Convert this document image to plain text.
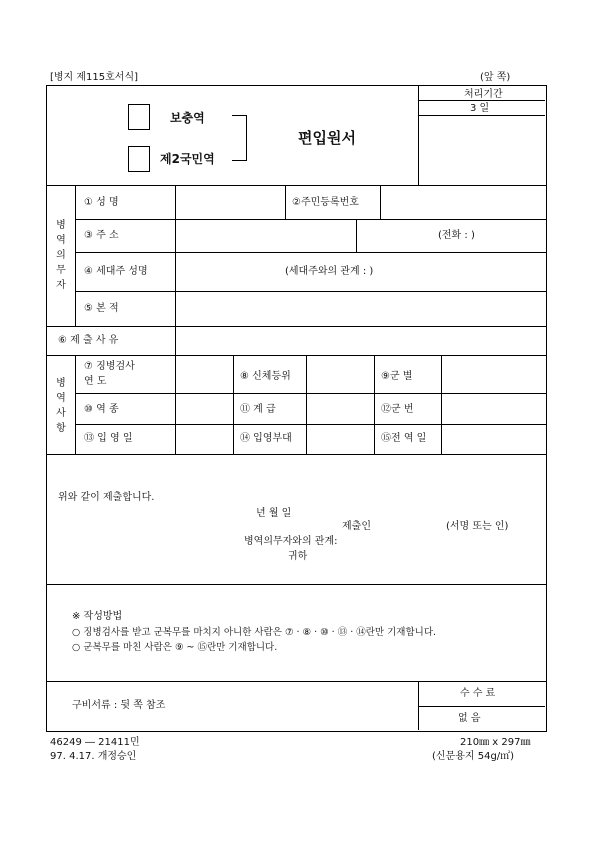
[병지 제115호서식]	(앞 쪽)
보충역
제2국민역
편입원서
처리기간
3 일
병
역
의
무
자
① 성 명	②주민등록번호
③ 주 소	(전화 : )
④ 세대주 성명	(세대주와의 관계 : )
⑤ 본 적
⑥ 제 출 사 유
병
역
사
항
⑦ 징병검사
연 도	⑧ 신체등위	⑨군 별
⑩ 역 종	⑪ 계 급	⑫군 번
⑬ 입 영 일	⑭ 입영부대	⑮전 역 일
위와 같이 제출합니다.
년 월 일
제출인	(서명 또는 인)
병역의무자와의 관계:
귀하
※ 작성방법
○ 징병검사를 받고 군복무를 마치지 아니한 사람은 ⑦ · ⑧ · ⑩ · ⑬ · ⑭란만 기재합니다.
○ 군복무를 마친 사람은 ⑨ ~ ⑮란만 기재합니다.
구비서류 : 뒷 쪽 참조
수 수 료
없 음
46249 ― 21411민
97. 4.17. 개정승인
210㎜ x 297㎜
(신문용지 54g/㎡)
